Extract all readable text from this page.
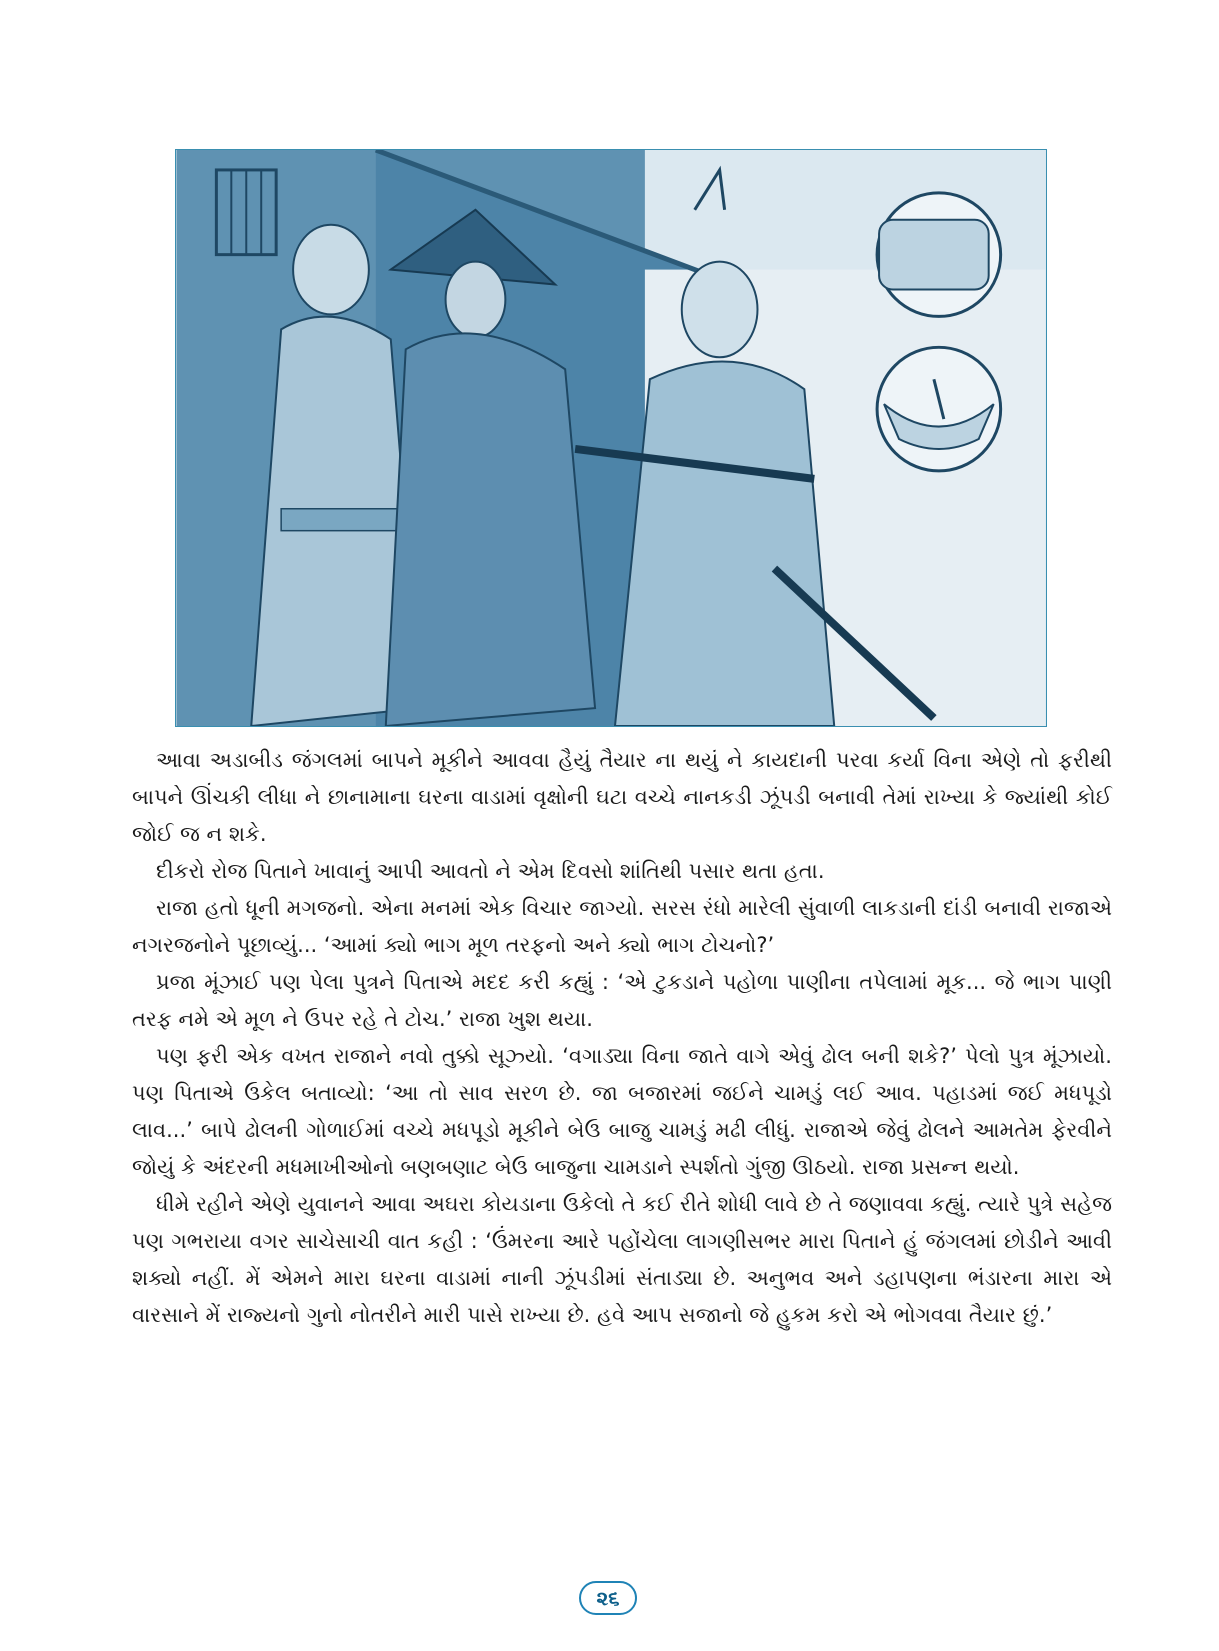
આવા અડાબીડ જંગલમાં બાપને મૂકીને આવવા હૈયું તૈયાર ના થયું ને કાયદાની પરવા કર્યા વિના એણે તો ફરીથી બાપને ઊંચકી લીધા ને છાનામાના ઘરના વાડામાં વૃક્ષોની ઘટા વચ્ચે નાનકડી ઝૂંપડી બનાવી તેમાં રાખ્યા કે જ્યાંથી કોઈ જોઈ જ ન શકે.

દીકરો રોજ પિતાને ખાવાનું આપી આવતો ને એમ દિવસો શાંતિથી પસાર થતા હતા.

રાજા હતો ધૂની મગજનો. એના મનમાં એક વિચાર જાગ્યો. સરસ રંધો મારેલી સુંવાળી લાકડાની દાંડી બનાવી રાજાએ નગરજનોને પૂછાવ્યું... ‘આમાં ક્યો ભાગ મૂળ તરફનો અને ક્યો ભાગ ટોચનો?’

પ્રજા મૂંઝાઈ પણ પેલા પુત્રને પિતાએ મદદ કરી કહ્યું : ‘એ ટુકડાને પહોળા પાણીના તપેલામાં મૂક... જે ભાગ પાણી તરફ નમે એ મૂળ ને ઉપર રહે તે ટોચ.’ રાજા ખુશ થયા.

પણ ફરી એક વખત રાજાને નવો તુક્કો સૂઝ્યો. ‘વગાડ્યા વિના જાતે વાગે એવું ઢોલ બની શકે?’ પેલો પુત્ર મૂંઝાયો. પણ પિતાએ ઉકેલ બતાવ્યો: ‘આ તો સાવ સરળ છે. જા બજારમાં જઈને ચામડું લઈ આવ. પહાડમાં જઈ મધપૂડો લાવ...’ બાપે ઢોલની ગોળાઈમાં વચ્ચે મધપૂડો મૂકીને બેઉ બાજુ ચામડું મઢી લીધું. રાજાએ જેવું ઢોલને આમતેમ ફેરવીને જોયું કે અંદરની મધમાખીઓનો બણબણાટ બેઉ બાજુના ચામડાને સ્પર્શતો ગુંજી ઊઠયો. રાજા પ્રસન્ન થયો.

ધીમે રહીને એણે યુવાનને આવા અઘરા કોયડાના ઉકેલો તે કઈ રીતે શોધી લાવે છે તે જણાવવા કહ્યું. ત્યારે પુત્રે સહેજ પણ ગભરાયા વગર સાચેસાચી વાત કહી : ‘ઉંમરના આરે પહોંચેલા લાગણીસભર મારા પિતાને હું જંગલમાં છોડીને આવી શક્યો નહીં. મેં એમને મારા ઘરના વાડામાં નાની ઝૂંપડીમાં સંતાડ્યા છે. અનુભવ અને ડહાપણના ભંડારના મારા એ વારસાને મેં રાજ્યનો ગુનો નોતરીને મારી પાસે રાખ્યા છે. હવે આપ સજાનો જે હુકમ કરો એ ભોગવવા તૈયાર છું.’

૨૬
